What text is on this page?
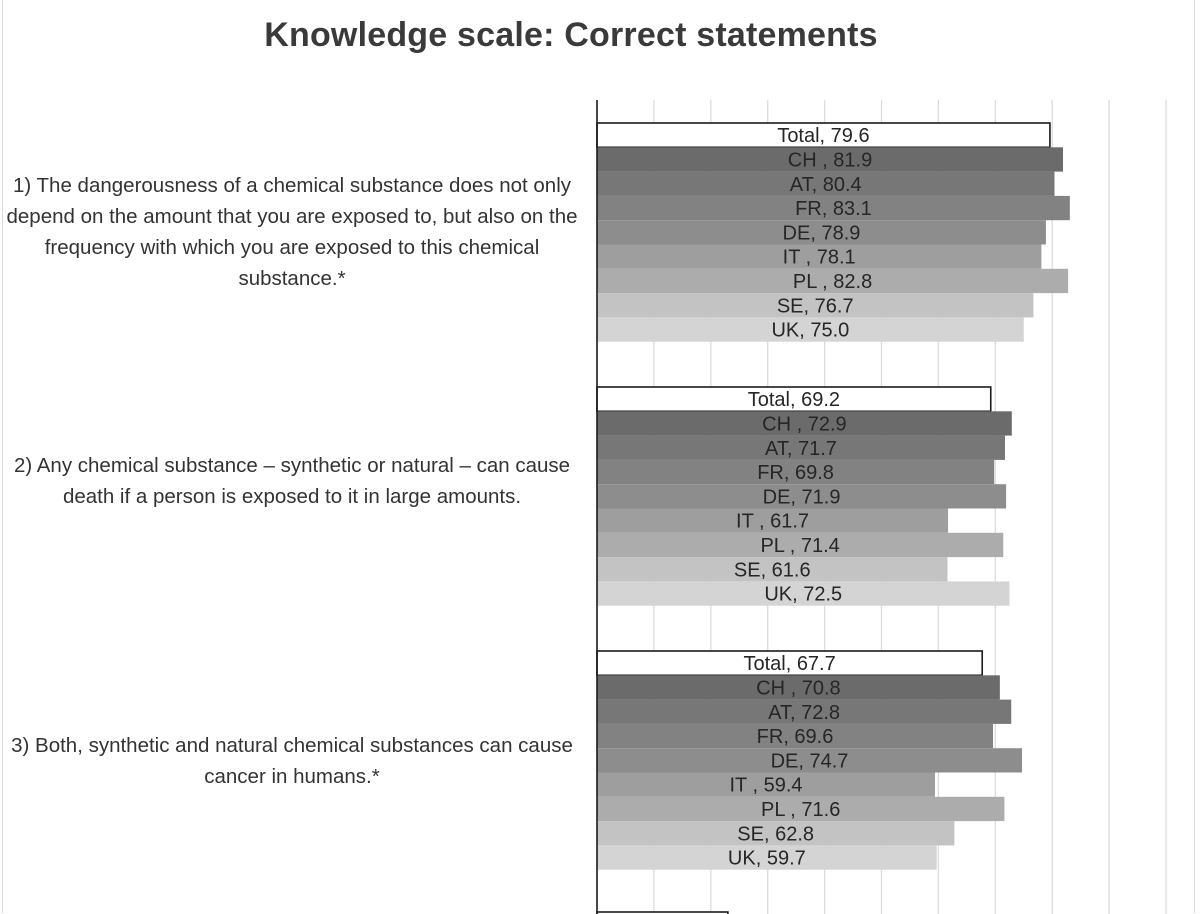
Knowledge scale: Correct statements
1) The dangerousness of a chemical substance does not only depend on the amount that you are exposed to, but also on the frequency with which you are exposed to this chemical substance.*
2) Any chemical substance – synthetic or natural – can cause death if a person is exposed to it in large amounts.
3) Both, synthetic and natural chemical substances can cause cancer in humans.*
Total, 79.6
CH , 81.9
AT, 80.4
FR, 83.1
DE, 78.9
IT , 78.1
PL , 82.8
SE, 76.7
UK, 75.0
Total, 69.2
CH , 72.9
AT, 71.7
FR, 69.8
DE, 71.9
IT , 61.7
PL , 71.4
SE, 61.6
UK, 72.5
Total, 67.7
CH , 70.8
AT, 72.8
FR, 69.6
DE, 74.7
IT , 59.4
PL , 71.6
SE, 62.8
UK, 59.7
